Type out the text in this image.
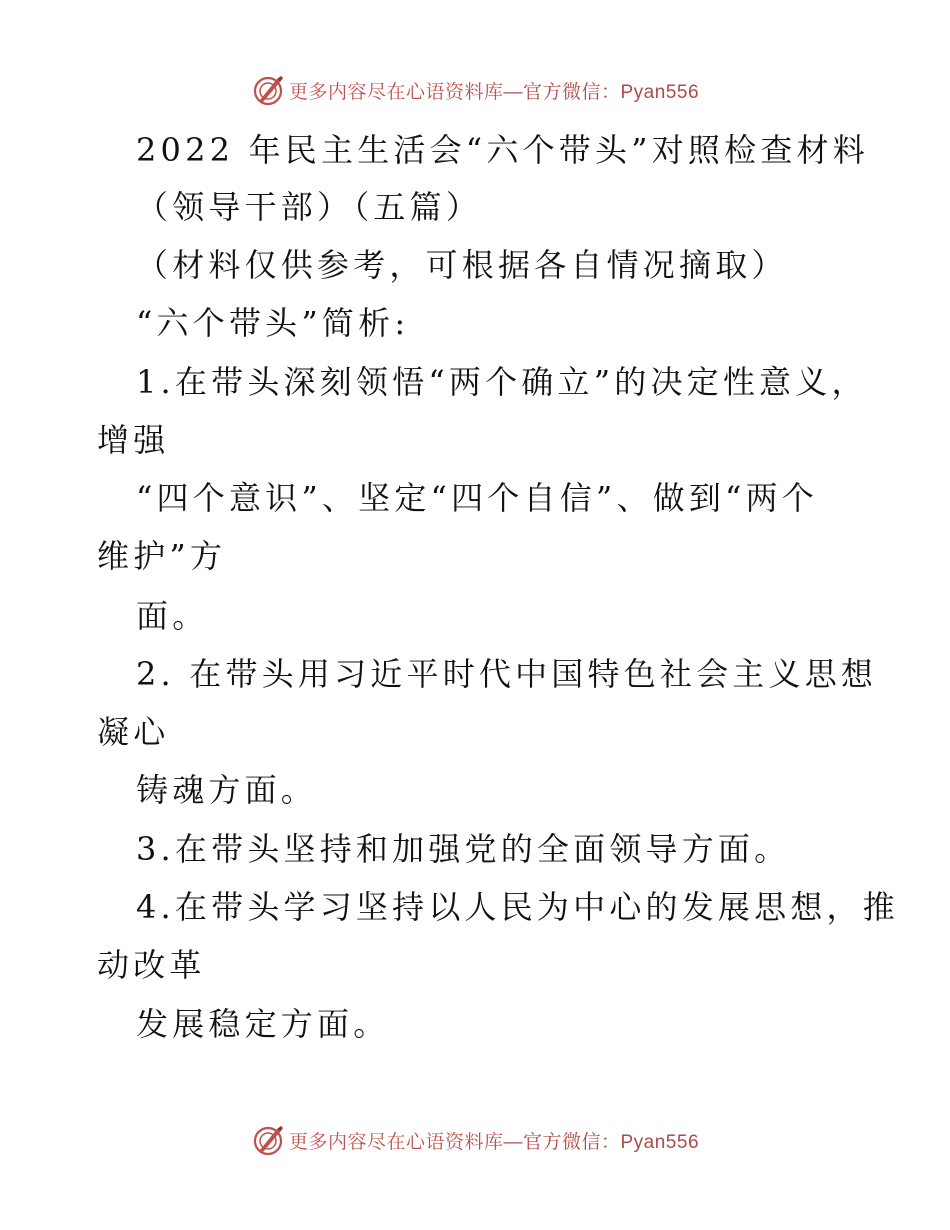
更多内容尽在心语资料库—官方微信：Pyan556
2022 年民主生活会“六个带头”对照检查材料
（领导干部）（五篇）
（材料仅供参考，可根据各自情况摘取）
“六个带头”简析:
1.在带头深刻领悟“两个确立”的决定性意义，
增强
“四个意识”、坚定“四个自信”、做到“两个
维护”方
面。
2. 在带头用习近平时代中国特色社会主义思想
凝心
铸魂方面。
3.在带头坚持和加强党的全面领导方面。
4.在带头学习坚持以人民为中心的发展思想，推
动改革
发展稳定方面。
更多内容尽在心语资料库—官方微信：Pyan556
